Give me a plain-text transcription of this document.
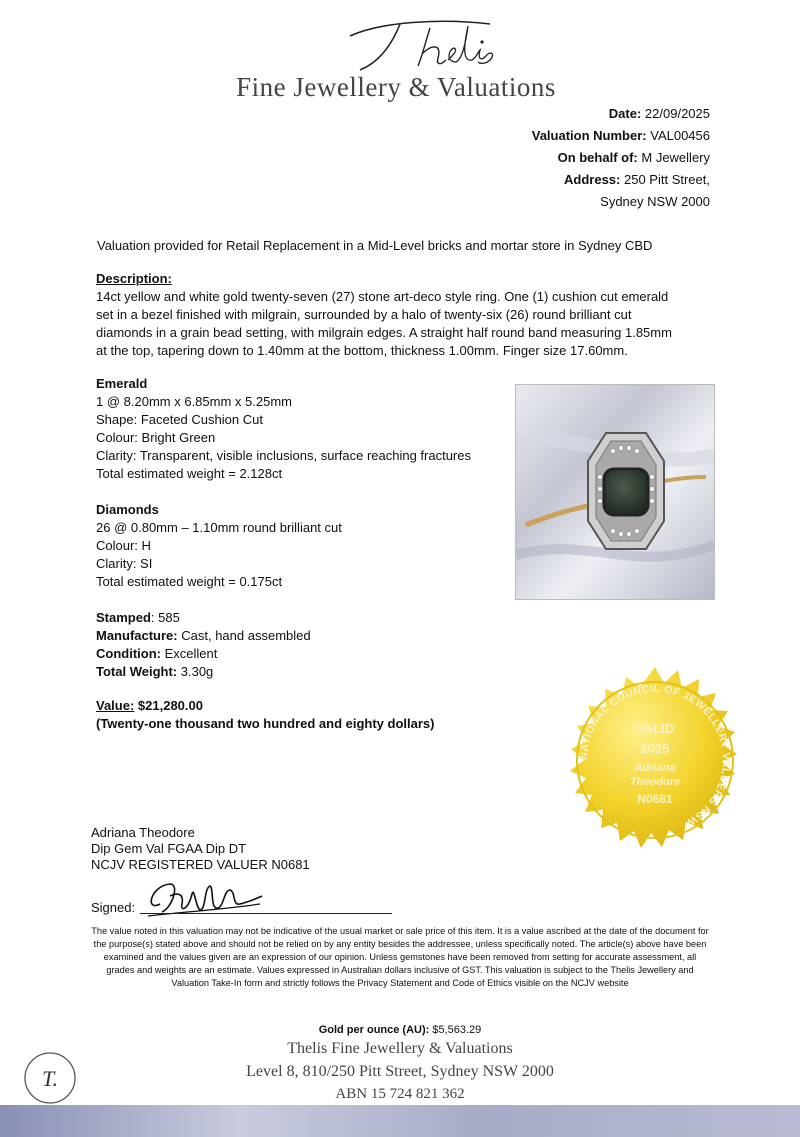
Fine Jewellery & Valuations
Date: 22/09/2025
Valuation Number: VAL00456
On behalf of: M Jewellery
Address: 250 Pitt Street,
Sydney NSW 2000
Valuation provided for Retail Replacement in a Mid-Level bricks and mortar store in Sydney CBD
Description:
14ct yellow and white gold twenty-seven (27) stone art-deco style ring. One (1) cushion cut emerald
set in a bezel finished with milgrain, surrounded by a halo of twenty-six (26) round brilliant cut
diamonds in a grain bead setting, with milgrain edges. A straight half round band measuring 1.85mm
at the top, tapering down to 1.40mm at the bottom, thickness 1.00mm. Finger size 17.60mm.
Emerald
1 @ 8.20mm x 6.85mm x 5.25mm
Shape: Faceted Cushion Cut
Colour: Bright Green
Clarity: Transparent, visible inclusions, surface reaching fractures
Total estimated weight = 2.128ct
Diamonds
26 @ 0.80mm – 1.10mm round brilliant cut
Colour: H
Clarity: SI
Total estimated weight = 0.175ct
Stamped: 585
Manufacture: Cast, hand assembled
Condition: Excellent
Total Weight: 3.30g
Value: $21,280.00
(Twenty-one thousand two hundred and eighty dollars)
NATIONAL COUNCIL OF JEWELLERY VALUERS NSW
VALID
2025
Adriana
Theodore
N0681
Adriana Theodore
Dip Gem Val FGAA Dip DT
NCJV REGISTERED VALUER N0681
Signed:
The value noted in this valuation may not be indicative of the usual market or sale price of this item. It is a value ascribed at the date of the document for the purpose(s) stated above and should not be relied on by any entity besides the addressee, unless specifically noted. The article(s) above have been examined and the values given are an expression of our opinion. Unless gemstones have been removed from setting for accurate assessment, all grades and weights are an estimate. Values expressed in Australian dollars inclusive of GST. This valuation is subject to the Thelis Jewellery and Valuation Take-In form and strictly follows the Privacy Statement and Code of Ethics visible on the NCJV website
Gold per ounce (AU): $5,563.29
Thelis Fine Jewellery & Valuations
Level 8, 810/250 Pitt Street, Sydney NSW 2000
ABN 15 724 821 362
T.
